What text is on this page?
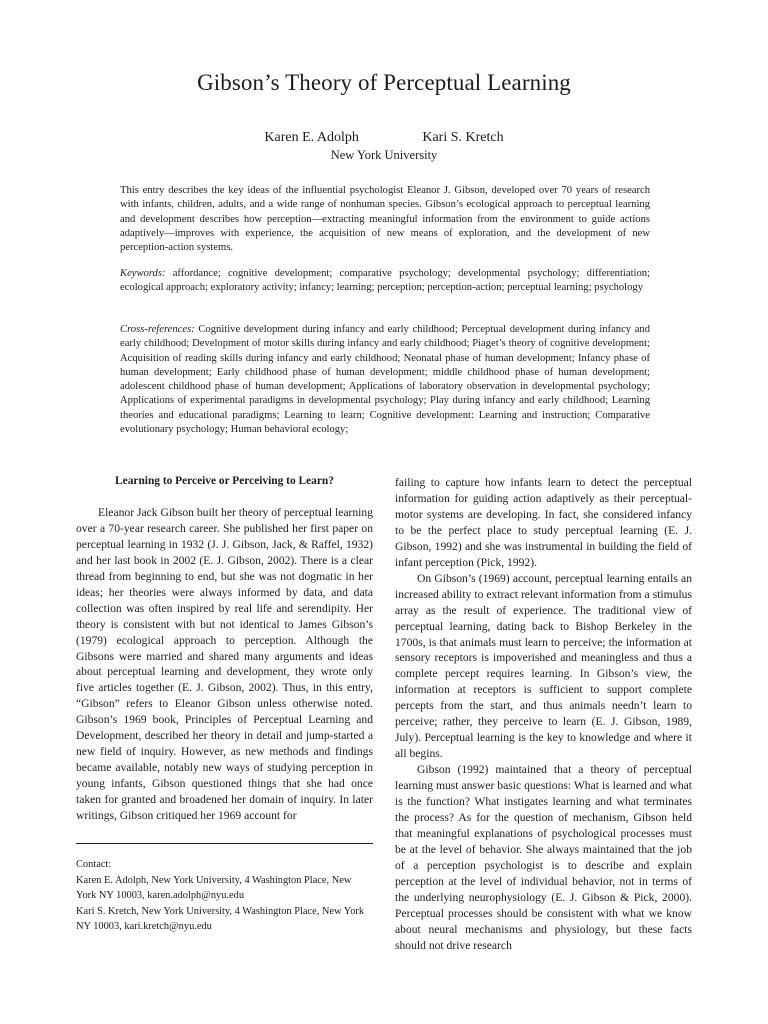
Gibson’s Theory of Perceptual Learning
Karen E. Adolph	Kari S. Kretch
New York University
This entry describes the key ideas of the influential psychologist Eleanor J. Gibson, developed over 70 years of research with infants, children, adults, and a wide range of nonhuman species. Gibson’s ecological approach to perceptual learning and development describes how perception—extracting meaningful information from the environment to guide actions adaptively—improves with experience, the acquisition of new means of exploration, and the development of new perception-action systems.
Keywords: affordance; cognitive development; comparative psychology; developmental psychology; differentiation; ecological approach; exploratory activity; infancy; learning; perception; perception-action; perceptual learning; psychology
Cross-references: Cognitive development during infancy and early childhood; Perceptual development during infancy and early childhood; Development of motor skills during infancy and early childhood; Piaget’s theory of cognitive development; Acquisition of reading skills during infancy and early childhood; Neonatal phase of human development; Infancy phase of human development; Early childhood phase of human development; middle childhood phase of human development; adolescent childhood phase of human development; Applications of laboratory observation in developmental psychology; Applications of experimental paradigms in developmental psychology; Play during infancy and early childhood; Learning theories and educational paradigms; Learning to learn; Cognitive development: Learning and instruction; Comparative evolutionary psychology; Human behavioral ecology;
Learning to Perceive or Perceiving to Learn?

Eleanor Jack Gibson built her theory of perceptual learning over a 70-year research career. She published her first paper on perceptual learning in 1932 (J. J. Gibson, Jack, & Raffel, 1932) and her last book in 2002 (E. J. Gibson, 2002). There is a clear thread from beginning to end, but she was not dogmatic in her ideas; her theories were always informed by data, and data collection was often inspired by real life and serendipity. Her theory is consistent with but not identical to James Gibson’s (1979) ecological approach to perception. Although the Gibsons were married and shared many arguments and ideas about perceptual learning and development, they wrote only five articles together (E. J. Gibson, 2002). Thus, in this entry, “Gibson” refers to Eleanor Gibson unless otherwise noted. Gibson’s 1969 book, Principles of Perceptual Learning and Development, described her theory in detail and jump-started a new field of inquiry. However, as new methods and findings became available, notably new ways of studying perception in young infants, Gibson questioned things that she had once taken for granted and broadened her domain of inquiry. In later writings, Gibson critiqued her 1969 account for

Contact:
Karen E. Adolph, New York University, 4 Washington Place, New York NY 10003, karen.adolph@nyu.edu
Kari S. Kretch, New York University, 4 Washington Place, New York NY 10003, kari.kretch@nyu.edu

failing to capture how infants learn to detect the perceptual information for guiding action adaptively as their perceptual-motor systems are developing. In fact, she considered infancy to be the perfect place to study perceptual learning (E. J. Gibson, 1992) and she was instrumental in building the field of infant perception (Pick, 1992).

On Gibson’s (1969) account, perceptual learning entails an increased ability to extract relevant information from a stimulus array as the result of experience. The traditional view of perceptual learning, dating back to Bishop Berkeley in the 1700s, is that animals must learn to perceive; the information at sensory receptors is impoverished and meaningless and thus a complete percept requires learning. In Gibson’s view, the information at receptors is sufficient to support complete percepts from the start, and thus animals needn’t learn to perceive; rather, they perceive to learn (E. J. Gibson, 1989, July). Perceptual learning is the key to knowledge and where it all begins.

Gibson (1992) maintained that a theory of perceptual learning must answer basic questions: What is learned and what is the function? What instigates learning and what terminates the process? As for the question of mechanism, Gibson held that meaningful explanations of psychological processes must be at the level of behavior. She always maintained that the job of a perception psychologist is to describe and explain perception at the level of individual behavior, not in terms of the underlying neurophysiology (E. J. Gibson & Pick, 2000). Perceptual processes should be consistent with what we know about neural mechanisms and physiology, but these facts should not drive research
